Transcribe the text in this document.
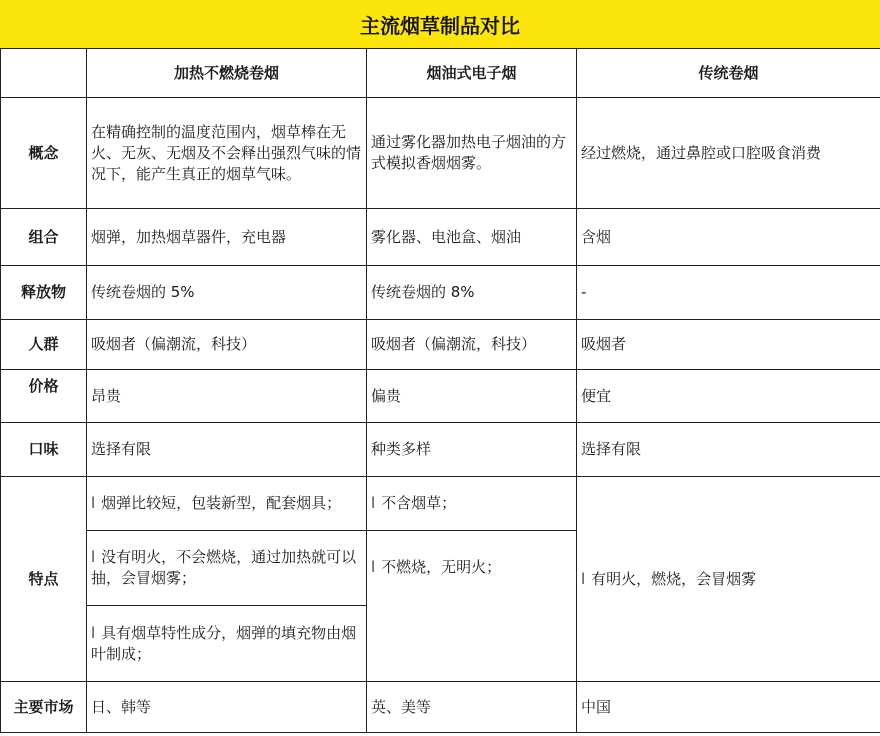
主流烟草制品对比
	加热不燃烧卷烟	烟油式电子烟	传统卷烟
概念	在精确控制的温度范围内，烟草棒在无火、无灰、无烟及不会释出强烈气味的情况下，能产生真正的烟草气味。	通过雾化器加热电子烟油的方式模拟香烟烟雾。	经过燃烧，通过鼻腔或口腔吸食消费
组合	烟弹，加热烟草器件，充电器	雾化器、电池盒、烟油	含烟
释放物	传统卷烟的 5%	传统卷烟的 8%	-
人群	吸烟者（偏潮流，科技）	吸烟者（偏潮流，科技）	吸烟者
价格	昂贵	偏贵	便宜
口味	选择有限	种类多样	选择有限
特点	l 烟弹比较短，包装新型，配套烟具；	l 不含烟草；	l 有明火，燃烧，会冒烟雾
	l 没有明火，不会燃烧，通过加热就可以抽，会冒烟雾；	l 不燃烧，无明火；	
	l 具有烟草特性成分，烟弹的填充物由烟叶制成；		
主要市场	日、韩等	英、美等	中国
